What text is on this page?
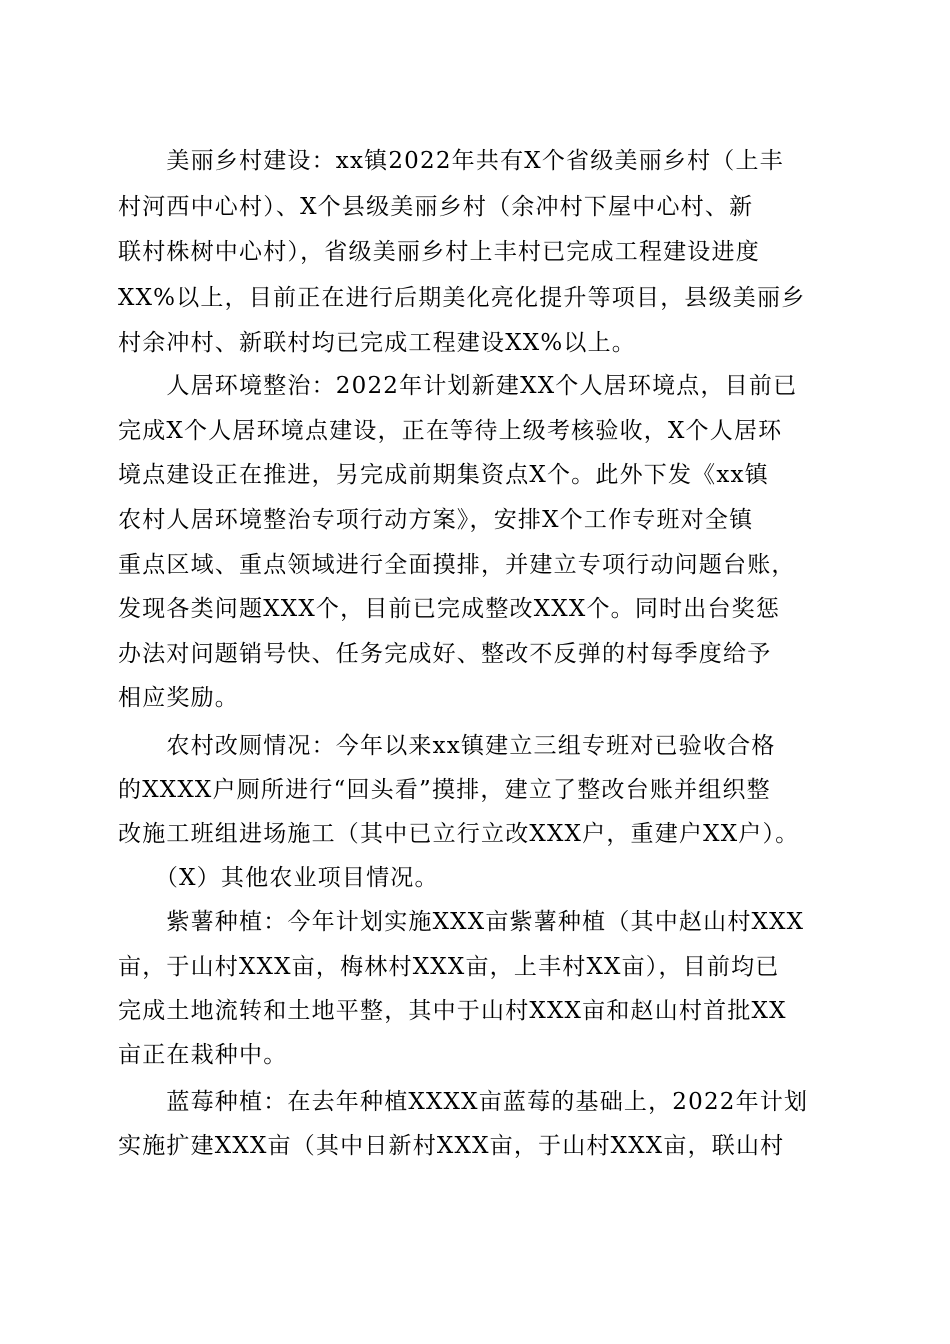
　　美丽乡村建设：xx镇2022年共有X个省级美丽乡村（上丰
村河西中心村）、X个县级美丽乡村（余冲村下屋中心村、新
联村株树中心村），省级美丽乡村上丰村已完成工程建设进度
XX%以上，目前正在进行后期美化亮化提升等项目，县级美丽乡
村余冲村、新联村均已完成工程建设XX%以上。
　　人居环境整治：2022年计划新建XX个人居环境点，目前已
完成X个人居环境点建设，正在等待上级考核验收，X个人居环
境点建设正在推进，另完成前期集资点X个。此外下发《xx镇
农村人居环境整治专项行动方案》，安排X个工作专班对全镇
重点区域、重点领域进行全面摸排，并建立专项行动问题台账，
发现各类问题XXX个，目前已完成整改XXX个。同时出台奖惩
办法对问题销号快、任务完成好、整改不反弹的村每季度给予
相应奖励。
　　农村改厕情况：今年以来xx镇建立三组专班对已验收合格
的XXXX户厕所进行“回头看”摸排，建立了整改台账并组织整
改施工班组进场施工（其中已立行立改XXX户，重建户XX户）。
　　（X）其他农业项目情况。
　　紫薯种植：今年计划实施XXX亩紫薯种植（其中赵山村XXX
亩，于山村XXX亩，梅林村XXX亩，上丰村XX亩），目前均已
完成土地流转和土地平整，其中于山村XXX亩和赵山村首批XX
亩正在栽种中。
　　蓝莓种植：在去年种植XXXX亩蓝莓的基础上，2022年计划
实施扩建XXX亩（其中日新村XXX亩，于山村XXX亩，联山村
